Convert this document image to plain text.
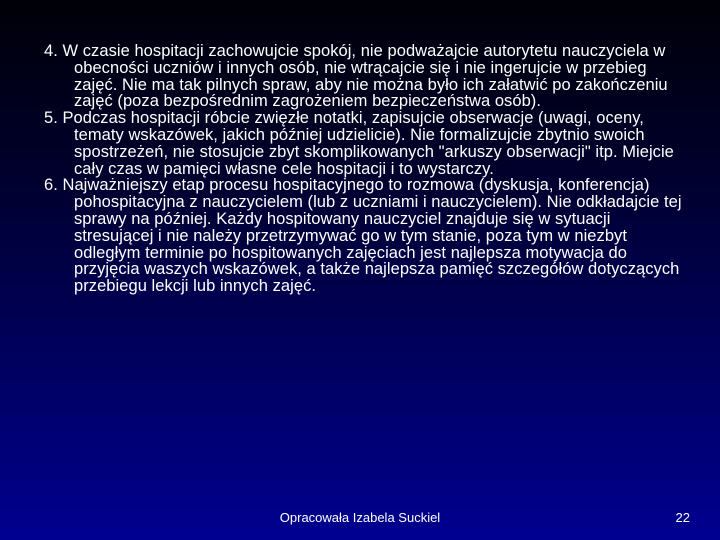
4. W czasie hospitacji zachowujcie spokój, nie podważajcie autorytetu nauczyciela w obecności uczniów i innych osób, nie wtrącajcie się i nie ingerujcie w przebieg zajęć. Nie ma tak pilnych spraw, aby nie można było ich załatwić po zakończeniu zajęć (poza bezpośrednim zagrożeniem bezpieczeństwa osób).

5. Podczas hospitacji róbcie zwięzłe notatki, zapisujcie obserwacje (uwagi, oceny, tematy wskazówek, jakich później udzielicie). Nie formalizujcie zbytnio swoich spostrzeżeń, nie stosujcie zbyt skomplikowanych "arkuszy obserwacji" itp. Miejcie cały czas w pamięci własne cele hospitacji i to wystarczy.

6. Najważniejszy etap procesu hospitacyjnego to rozmowa (dyskusja, konferencja) pohospitacyjna z nauczycielem (lub z uczniami i nauczycielem). Nie odkładajcie tej sprawy na później. Każdy hospitowany nauczyciel znajduje się w sytuacji stresującej i nie należy przetrzymywać go w tym stanie, poza tym w niezbyt odległym terminie po hospitowanych zajęciach jest najlepsza motywacja do przyjęcia waszych wskazówek, a także najlepsza pamięć szczegółów dotyczących przebiegu lekcji lub innych zajęć.

Opracowała Izabela Suckiel	22
